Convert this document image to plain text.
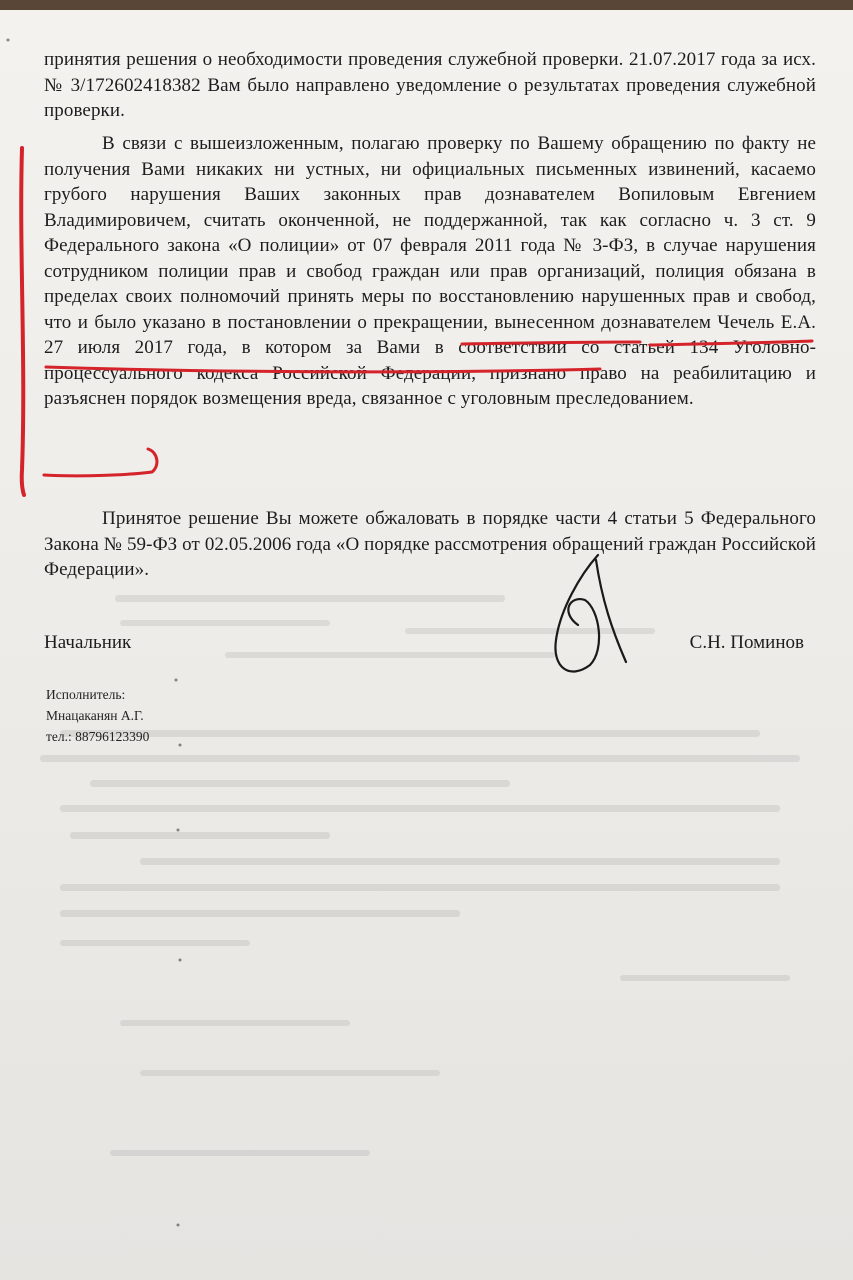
принятия решения о необходимости проведения служебной проверки. 21.07.2017 года за исх. № 3/172602418382 Вам было направлено уведомление о результатах проведения служебной проверки.

В связи с вышеизложенным, полагаю проверку по Вашему обращению по факту не получения Вами никаких ни устных, ни официальных письменных извинений, касаемо грубого нарушения Ваших законных прав дознавателем Вопиловым Евгением Владимировичем, считать оконченной, не поддержанной, так как согласно ч. 3 ст. 9 Федерального закона «О полиции» от 07 февраля 2011 года № 3-ФЗ, в случае нарушения сотрудником полиции прав и свобод граждан или прав организаций, полиция обязана в пределах своих полномочий принять меры по восстановлению нарушенных прав и свобод, что и было указано в постановлении о прекращении, вынесенном дознавателем Чечель Е.А. 27 июля 2017 года, в котором за Вами в соответствии со статьей 134 Уголовно-процессуального кодекса Российской Федерации, признано право на реабилитацию и разъяснен порядок возмещения вреда, связанное с уголовным преследованием.

Принятое решение Вы можете обжаловать в порядке части 4 статьи 5 Федерального Закона № 59-ФЗ от 02.05.2006 года «О порядке рассмотрения обращений граждан Российской Федерации».

Начальник	С.Н. Поминов
Исполнитель:
Мнацаканян А.Г.
тел.: 88796123390
